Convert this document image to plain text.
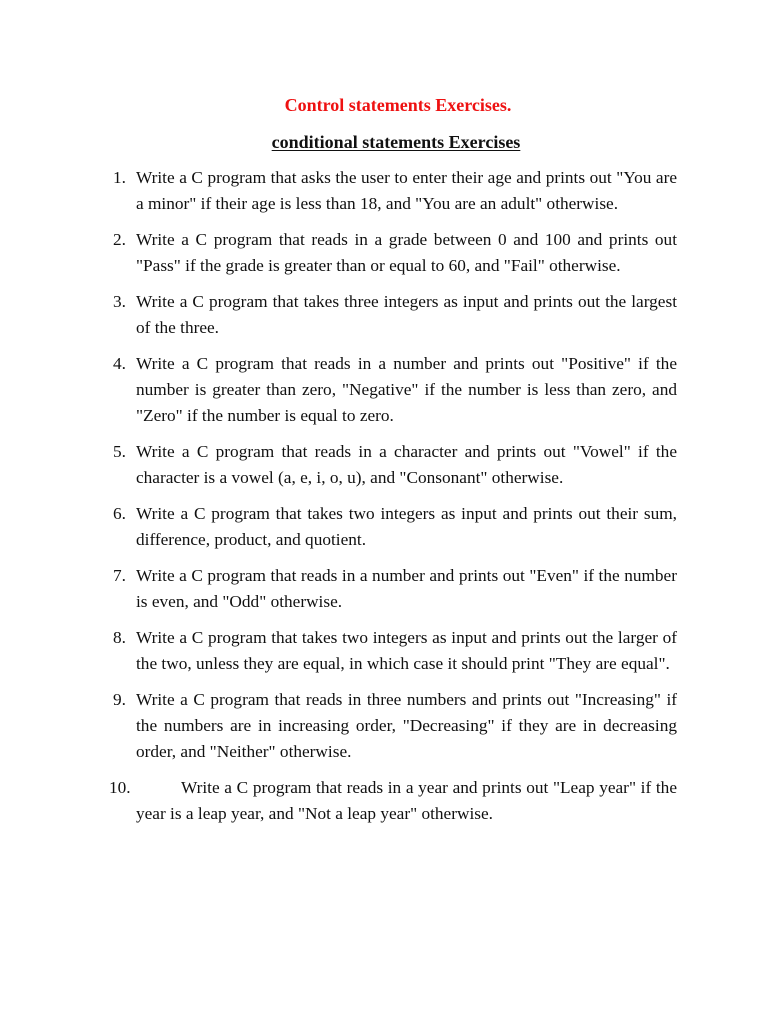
Control statements Exercises.
conditional statements Exercises
1. Write a C program that asks the user to enter their age and prints out "You are a minor" if their age is less than 18, and "You are an adult" otherwise.
2. Write a C program that reads in a grade between 0 and 100 and prints out "Pass" if the grade is greater than or equal to 60, and "Fail" otherwise.
3. Write a C program that takes three integers as input and prints out the largest of the three.
4. Write a C program that reads in a number and prints out "Positive" if the number is greater than zero, "Negative" if the number is less than zero, and "Zero" if the number is equal to zero.
5. Write a C program that reads in a character and prints out "Vowel" if the character is a vowel (a, e, i, o, u), and "Consonant" otherwise.
6. Write a C program that takes two integers as input and prints out their sum, difference, product, and quotient.
7. Write a C program that reads in a number and prints out "Even" if the number is even, and "Odd" otherwise.
8. Write a C program that takes two integers as input and prints out the larger of the two, unless they are equal, in which case it should print "They are equal".
9. Write a C program that reads in three numbers and prints out "Increasing" if the numbers are in increasing order, "Decreasing" if they are in decreasing order, and "Neither" otherwise.
10.	Write a C program that reads in a year and prints out "Leap year" if the year is a leap year, and "Not a leap year" otherwise.
